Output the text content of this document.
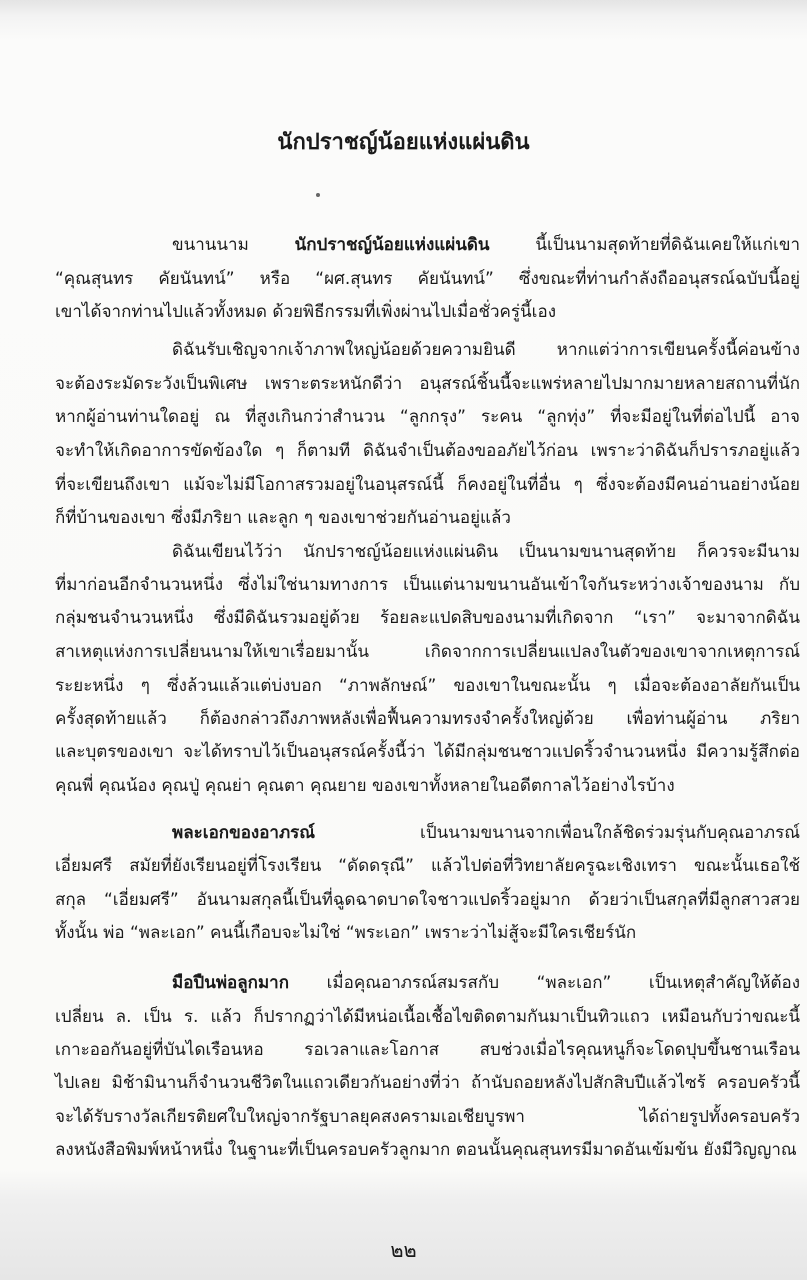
นักปราชญ์น้อยแห่งแผ่นดิน
ขนานนาม	นักปราชญ์น้อยแห่งแผ่นดิน	นี้เป็นนามสุดท้ายที่ดิฉันเคยให้แก่เขา
“คุณสุนทร คัยนันทน์” หรือ “ผศ.สุนทร คัยนันทน์” ซึ่งขณะที่ท่านกำลังถืออนุสรณ์ฉบับนี้อยู่
เขาได้จากท่านไปแล้วทั้งหมด ด้วยพิธีกรรมที่เพิ่งผ่านไปเมื่อชั่วครู่นี้เอง
ดิฉันรับเชิญจากเจ้าภาพใหญ่น้อยด้วยความยินดี หากแต่ว่าการเขียนครั้งนี้ค่อนข้าง
จะต้องระมัดระวังเป็นพิเศษ เพราะตระหนักดีว่า อนุสรณ์ชิ้นนี้จะแพร่หลายไปมากมายหลายสถานที่นัก
หากผู้อ่านท่านใดอยู่ ณ ที่สูงเกินกว่าสำนวน “ลูกกรุง” ระคน “ลูกทุ่ง” ที่จะมีอยู่ในที่ต่อไปนี้ อาจ
จะทำให้เกิดอาการขัดข้องใด ๆ ก็ตามที ดิฉันจำเป็นต้องขออภัยไว้ก่อน เพราะว่าดิฉันก็ปรารภอยู่แล้ว
ที่จะเขียนถึงเขา แม้จะไม่มีโอกาสรวมอยู่ในอนุสรณ์นี้ ก็คงอยู่ในที่อื่น ๆ ซึ่งจะต้องมีคนอ่านอย่างน้อย
ก็ที่บ้านของเขา ซึ่งมีภริยา และลูก ๆ ของเขาช่วยกันอ่านอยู่แล้ว
ดิฉันเขียนไว้ว่า นักปราชญ์น้อยแห่งแผ่นดิน เป็นนามขนานสุดท้าย ก็ควรจะมีนาม
ที่มาก่อนอีกจำนวนหนึ่ง ซึ่งไม่ใช่นามทางการ เป็นแต่นามขนานอันเข้าใจกันระหว่างเจ้าของนาม กับ
กลุ่มชนจำนวนหนึ่ง ซึ่งมีดิฉันรวมอยู่ด้วย ร้อยละแปดสิบของนามที่เกิดจาก “เรา” จะมาจากดิฉัน
สาเหตุแห่งการเปลี่ยนนามให้เขาเรื่อยมานั้น เกิดจากการเปลี่ยนแปลงในตัวของเขาจากเหตุการณ์
ระยะหนึ่ง ๆ ซึ่งล้วนแล้วแต่บ่งบอก “ภาพลักษณ์” ของเขาในขณะนั้น ๆ เมื่อจะต้องอาลัยกันเป็น
ครั้งสุดท้ายแล้ว ก็ต้องกล่าวถึงภาพหลังเพื่อฟื้นความทรงจำครั้งใหญ่ด้วย เพื่อท่านผู้อ่าน ภริยา
และบุตรของเขา จะได้ทราบไว้เป็นอนุสรณ์ครั้งนี้ว่า ได้มีกลุ่มชนชาวแปดริ้วจำนวนหนึ่ง มีความรู้สึกต่อ
คุณพี่ คุณน้อง คุณปู่ คุณย่า คุณตา คุณยาย ของเขาทั้งหลายในอดีตกาลไว้อย่างไรบ้าง
พละเอกของอาภรณ์	เป็นนามขนานจากเพื่อนใกล้ชิดร่วมรุ่นกับคุณอาภรณ์
เอี่ยมศรี สมัยที่ยังเรียนอยู่ที่โรงเรียน “ดัดดรุณี” แล้วไปต่อที่วิทยาลัยครูฉะเชิงเทรา ขณะนั้นเธอใช้
สกุล “เอี่ยมศรี” อันนามสกุลนี้เป็นที่ฉูดฉาดบาดใจชาวแปดริ้วอยู่มาก ด้วยว่าเป็นสกุลที่มีลูกสาวสวย
ทั้งนั้น พ่อ “พละเอก” คนนี้เกือบจะไม่ใช่ “พระเอก” เพราะว่าไม่สู้จะมีใครเชียร์นัก
มือปืนพ่อลูกมาก เมื่อคุณอาภรณ์สมรสกับ “พละเอก” เป็นเหตุสำคัญให้ต้อง
เปลี่ยน ล. เป็น ร. แล้ว ก็ปรากฏว่าได้มีหน่อเนื้อเชื้อไขติดตามกันมาเป็นทิวแถว เหมือนกับว่าขณะนี้
เกาะออกันอยู่ที่บันไดเรือนหอ รอเวลาและโอกาส สบช่วงเมื่อไรคุณหนูก็จะโดดปุบขึ้นชานเรือน
ไปเลย มิช้ามินานก็จำนวนชีวิตในแถวเดียวกันอย่างที่ว่า ถ้านับถอยหลังไปสักสิบปีแล้วไซร้ ครอบครัวนี้
จะได้รับรางวัลเกียรติยศใบใหญ่จากรัฐบาลยุคสงครามเอเชียบูรพา ได้ถ่ายรูปทั้งครอบครัว
ลงหนังสือพิมพ์หน้าหนึ่ง ในฐานะที่เป็นครอบครัวลูกมาก ตอนนั้นคุณสุนทรมีมาดอันเข้มข้น ยังมีวิญญาณ
๒๒
